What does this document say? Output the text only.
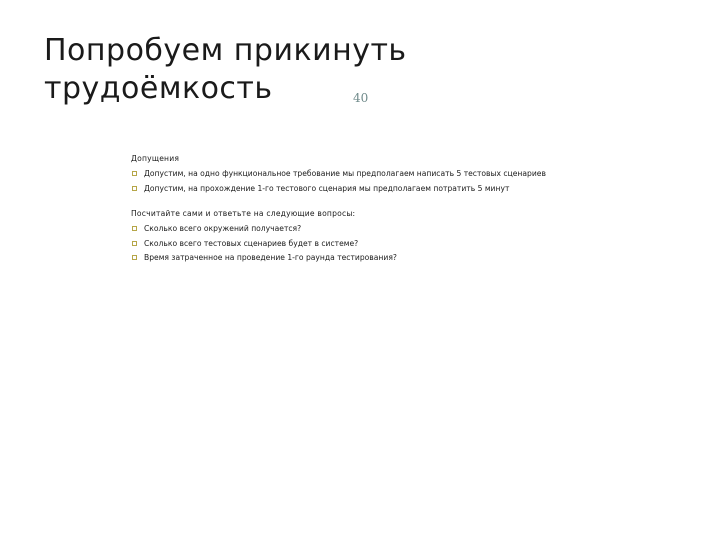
Попробуем прикинуть трудоёмкость	40
Допущения
Допустим, на одно функциональное требование мы предполагаем написать 5 тестовых сценариев
Допустим, на прохождение 1-го тестового сценария мы предполагаем потратить 5 минут
Посчитайте сами и ответьте на следующие вопросы:
Сколько всего окружений получается?
Сколько всего тестовых сценариев будет в системе?
Время затраченное на проведение 1-го раунда тестирования?
